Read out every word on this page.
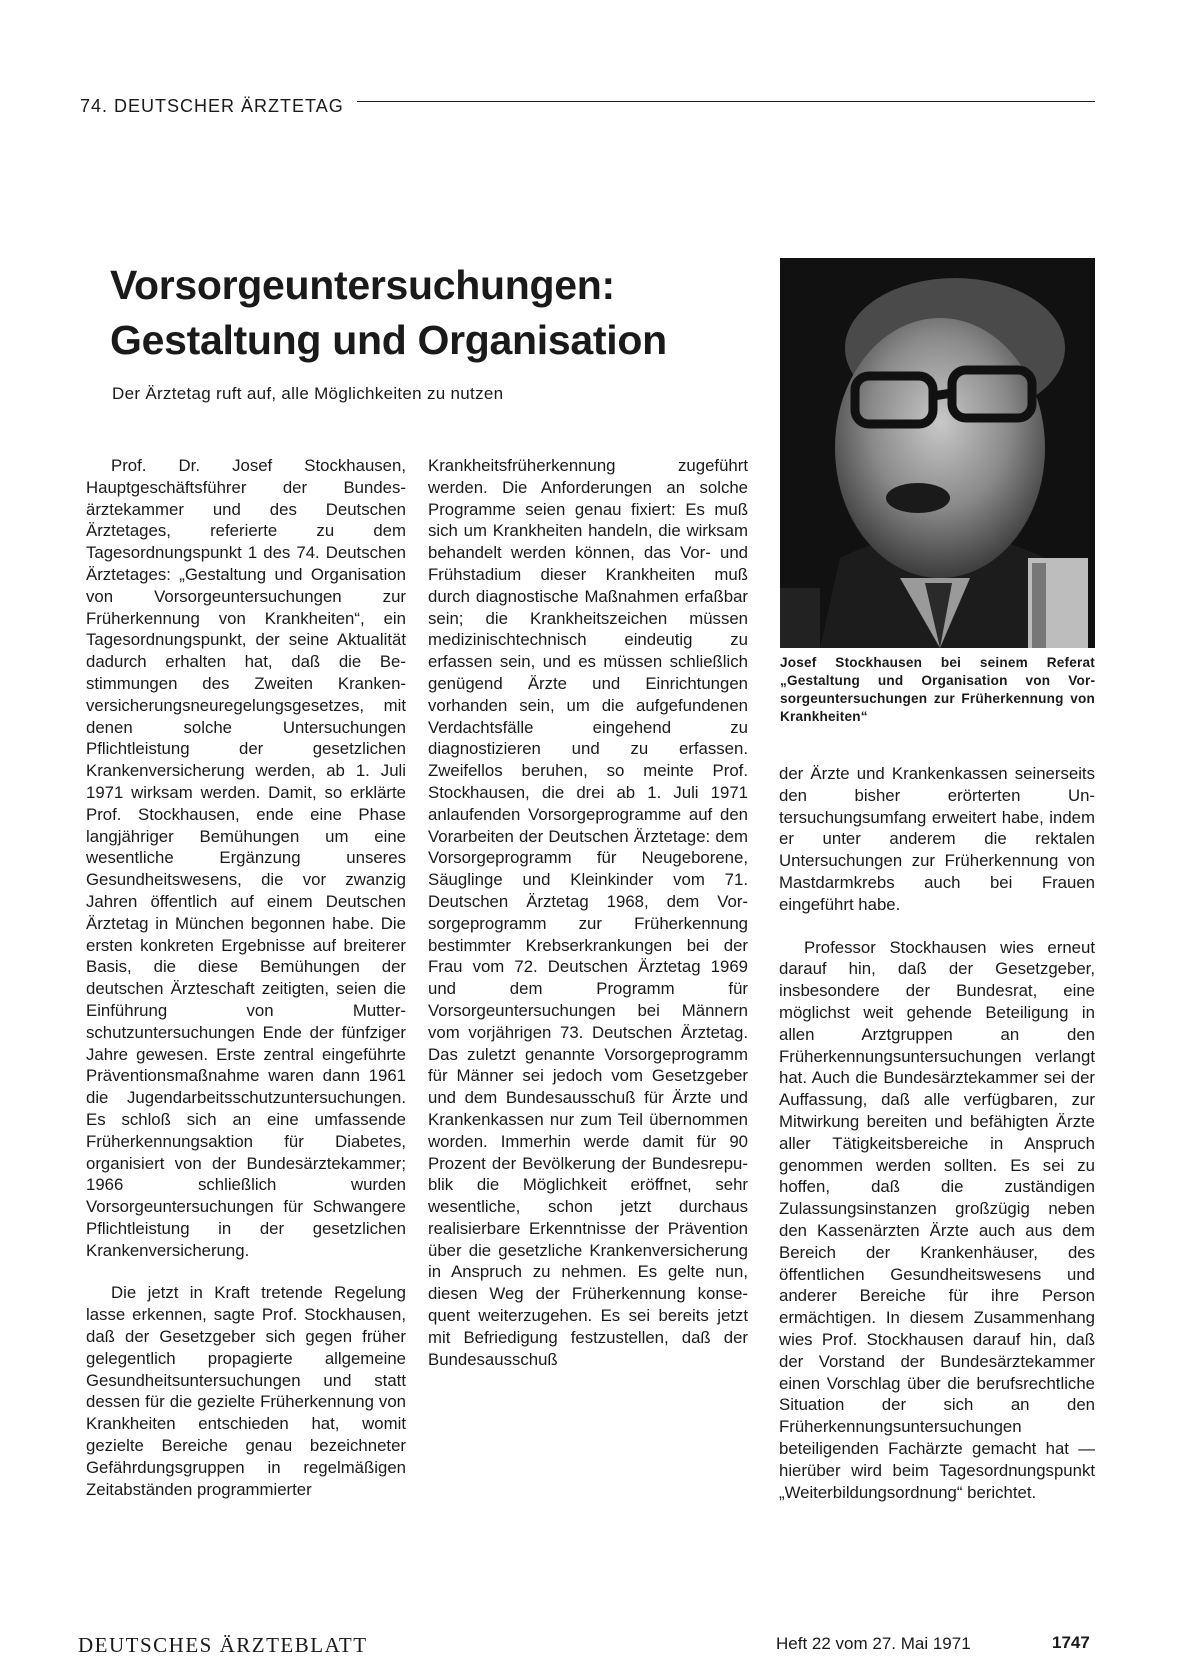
74. DEUTSCHER ÄRZTETAG
Vorsorgeuntersuchungen:
Gestaltung und Organisation

Der Ärztetag ruft auf, alle Möglichkeiten zu nutzen

Prof. Dr. Josef Stockhausen, Hauptgeschäftsführer der Bundesärztekammer und des Deutschen Ärztetages, referierte zu dem Tagesordnungspunkt 1 des 74. Deutschen Ärztetages: „Gestaltung und Organisation von Vorsorgeuntersuchungen zur Früherkennung von Krankheiten“, ein Tagesordnungspunkt, der seine Aktualität dadurch erhalten hat, daß die Bestimmungen des Zweiten Krankenversicherungsneuregelungsgesetzes, mit denen solche Untersuchungen Pflichtleistung der gesetzlichen Krankenversicherung werden, ab 1. Juli 1971 wirksam werden. Damit, so erklärte Prof. Stockhausen, ende eine Phase langjähriger Bemühungen um eine wesentliche Ergänzung unseres Gesundheitswesens, die vor zwanzig Jahren öffentlich auf einem Deutschen Ärztetag in München begonnen habe. Die ersten konkreten Ergebnisse auf breiterer Basis, die diese Bemühungen der deutschen Ärzteschaft zeitigten, seien die Einführung von Mutterschutzuntersuchungen Ende der fünfziger Jahre gewesen. Erste zentral eingeführte Präventionsmaßnahme waren dann 1961 die Jugendarbeitsschutzuntersuchungen. Es schloß sich an eine umfassende Früherkennungsaktion für Diabetes, organisiert von der Bundesärztekammer; 1966 schließlich wurden Vorsorgeuntersuchungen für Schwangere Pflichtleistung in der gesetzlichen Krankenversicherung.

Die jetzt in Kraft tretende Regelung lasse erkennen, sagte Prof. Stockhausen, daß der Gesetzgeber sich gegen früher gelegentlich propagierte allgemeine Gesundheitsuntersuchungen und statt dessen für die gezielte Früherkennung von Krankheiten entschieden hat, womit gezielte Bereiche genau bezeichneter Gefährdungsgruppen in regelmäßigen Zeitabständen programmierter

Krankheitsfrüherkennung zugeführt werden. Die Anforderungen an solche Programme seien genau fixiert: Es muß sich um Krankheiten handeln, die wirksam behandelt werden können, das Vor- und Frühstadium dieser Krankheiten muß durch diagnostische Maßnahmen erfaßbar sein; die Krankheitszeichen müssen medizinischtechnisch eindeutig zu erfassen sein, und es müssen schließlich genügend Ärzte und Einrichtungen vorhanden sein, um die aufgefundenen Verdachtsfälle eingehend zu diagnostizieren und zu erfassen. Zweifellos beruhen, so meinte Prof. Stockhausen, die drei ab 1. Juli 1971 anlaufenden Vorsorgeprogramme auf den Vorarbeiten der Deutschen Ärztetage: dem Vorsorgeprogramm für Neugeborene, Säuglinge und Kleinkinder vom 71. Deutschen Ärztetag 1968, dem Vorsorgeprogramm zur Früherkennung bestimmter Krebserkrankungen bei der Frau vom 72. Deutschen Ärztetag 1969 und dem Programm für Vorsorgeuntersuchungen bei Männern vom vorjährigen 73. Deutschen Ärztetag. Das zuletzt genannte Vorsorgeprogramm für Männer sei jedoch vom Gesetzgeber und dem Bundesausschuß für Ärzte und Krankenkassen nur zum Teil übernommen worden. Immerhin werde damit für 90 Prozent der Bevölkerung der Bundesrepublik die Möglichkeit eröffnet, sehr wesentliche, schon jetzt durchaus realisierbare Erkenntnisse der Prävention über die gesetzliche Krankenversicherung in Anspruch zu nehmen. Es gelte nun, diesen Weg der Früherkennung konsequent weiterzugehen. Es sei bereits jetzt mit Befriedigung festzustellen, daß der Bundesausschuß

Josef Stockhausen bei seinem Referat „Gestaltung und Organisation von Vorsorgeuntersuchungen zur Früherkennung von Krankheiten“

der Ärzte und Krankenkassen seinerseits den bisher erörterten Untersuchungsumfang erweitert habe, indem er unter anderem die rektalen Untersuchungen zur Früherkennung von Mastdarmkrebs auch bei Frauen eingeführt habe.

Professor Stockhausen wies erneut darauf hin, daß der Gesetzgeber, insbesondere der Bundesrat, eine möglichst weit gehende Beteiligung in allen Arztgruppen an den Früherkennungsuntersuchungen verlangt hat. Auch die Bundesärztekammer sei der Auffassung, daß alle verfügbaren, zur Mitwirkung bereiten und befähigten Ärzte aller Tätigkeitsbereiche in Anspruch genommen werden sollten. Es sei zu hoffen, daß die zuständigen Zulassungsinstanzen großzügig neben den Kassenärzten Ärzte auch aus dem Bereich der Krankenhäuser, des öffentlichen Gesundheitswesens und anderer Bereiche für ihre Person ermächtigen. In diesem Zusammenhang wies Prof. Stockhausen darauf hin, daß der Vorstand der Bundesärztekammer einen Vorschlag über die berufsrechtliche Situation der sich an den Früherkennungsuntersuchungen beteiligenden Fachärzte gemacht hat — hierüber wird beim Tagesordnungspunkt „Weiterbildungsordnung“ berichtet.

DEUTSCHES ÄRZTEBLATT	Heft 22 vom 27. Mai 1971	1747
